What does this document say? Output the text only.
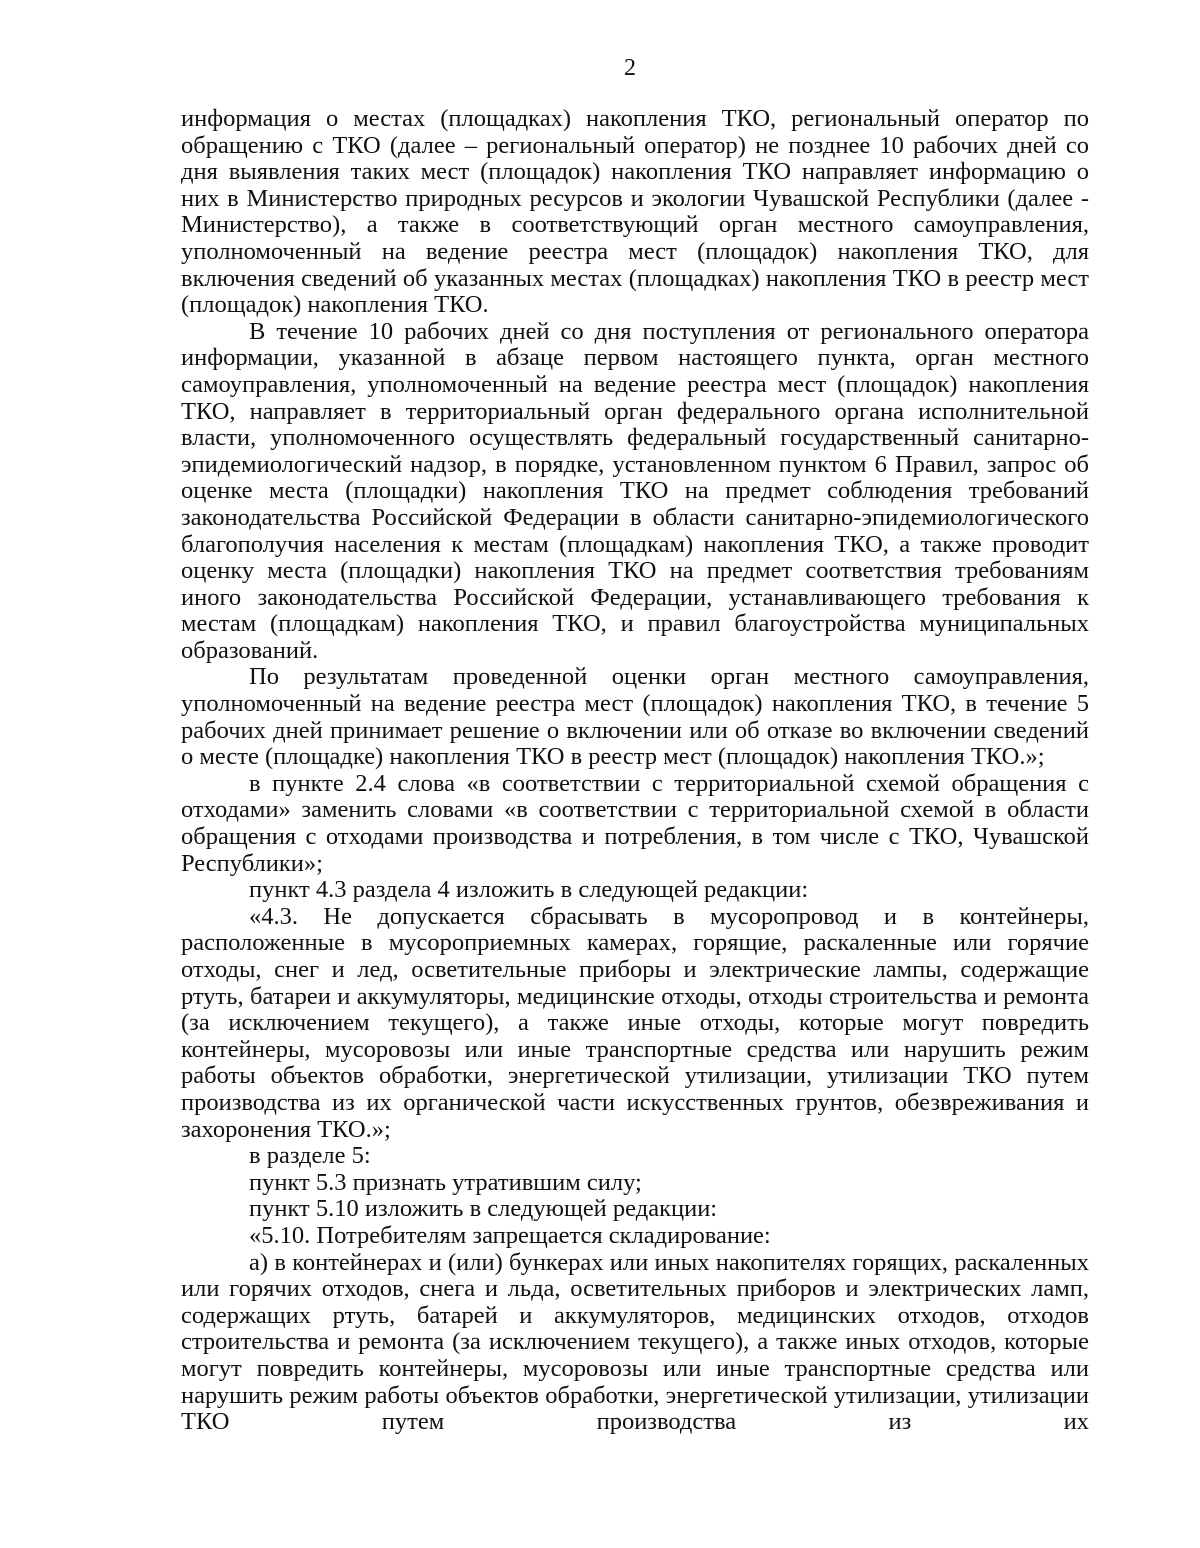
2

информация о местах (площадках) накопления ТКО, региональный оператор по обращению с ТКО (далее – региональный оператор) не позднее 10 рабочих дней со дня выявления таких мест (площадок) накопления ТКО направляет информацию о них в Министерство природных ресурсов и экологии Чувашской Республики (далее - Министерство), а также в соответствующий орган местного самоуправления, уполномоченный на ведение реестра мест (площадок) накопления ТКО, для включения сведений об указанных местах (площадках) накопления ТКО в реестр мест (площадок) накопления ТКО.

В течение 10 рабочих дней со дня поступления от регионального оператора информации, указанной в абзаце первом настоящего пункта, орган местного самоуправления, уполномоченный на ведение реестра мест (площадок) накопления ТКО, направляет в территориальный орган федерального органа исполнительной власти, уполномоченного осуществлять федеральный государственный санитарно-эпидемиологический надзор, в порядке, установленном пунктом 6 Правил, запрос об оценке места (площадки) накопления ТКО на предмет соблюдения требований законодательства Российской Федерации в области санитарно-эпидемиологического благополучия населения к местам (площадкам) накопления ТКО, а также проводит оценку места (площадки) накопления ТКО на предмет соответствия требованиям иного законодательства Российской Федерации, устанавливающего требования к местам (площадкам) накопления ТКО, и правил благоустройства муниципальных образований.

По результатам проведенной оценки орган местного самоуправления, уполномоченный на ведение реестра мест (площадок) накопления ТКО, в течение 5 рабочих дней принимает решение о включении или об отказе во включении сведений о месте (площадке) накопления ТКО в реестр мест (площадок) накопления ТКО.»;

в пункте 2.4 слова «в соответствии с территориальной схемой обращения с отходами» заменить словами «в соответствии с территориальной схемой в области обращения с отходами производства и потребления, в том числе с ТКО, Чувашской Республики»;

пункт 4.3 раздела 4 изложить в следующей редакции:

«4.3. Не допускается сбрасывать в мусоропровод и в контейнеры, расположенные в мусороприемных камерах, горящие, раскаленные или горячие отходы, снег и лед, осветительные приборы и электрические лампы, содержащие ртуть, батареи и аккумуляторы, медицинские отходы, отходы строительства и ремонта (за исключением текущего), а также иные отходы, которые могут повредить контейнеры, мусоровозы или иные транспортные средства или нарушить режим работы объектов обработки, энергетической утилизации, утилизации ТКО путем производства из их органической части искусственных грунтов, обезвреживания и захоронения ТКО.»;

в разделе 5:

пункт 5.3 признать утратившим силу;

пункт 5.10 изложить в следующей редакции:

«5.10. Потребителям запрещается складирование:

а) в контейнерах и (или) бункерах или иных накопителях горящих, раскаленных или горячих отходов, снега и льда, осветительных приборов и электрических ламп, содержащих ртуть, батарей и аккумуляторов, медицинских отходов, отходов строительства и ремонта (за исключением текущего), а также иных отходов, которые могут повредить контейнеры, мусоровозы или иные транспортные средства или нарушить режим работы объектов обработки, энергетической утилизации, утилизации ТКО путем производства из их
